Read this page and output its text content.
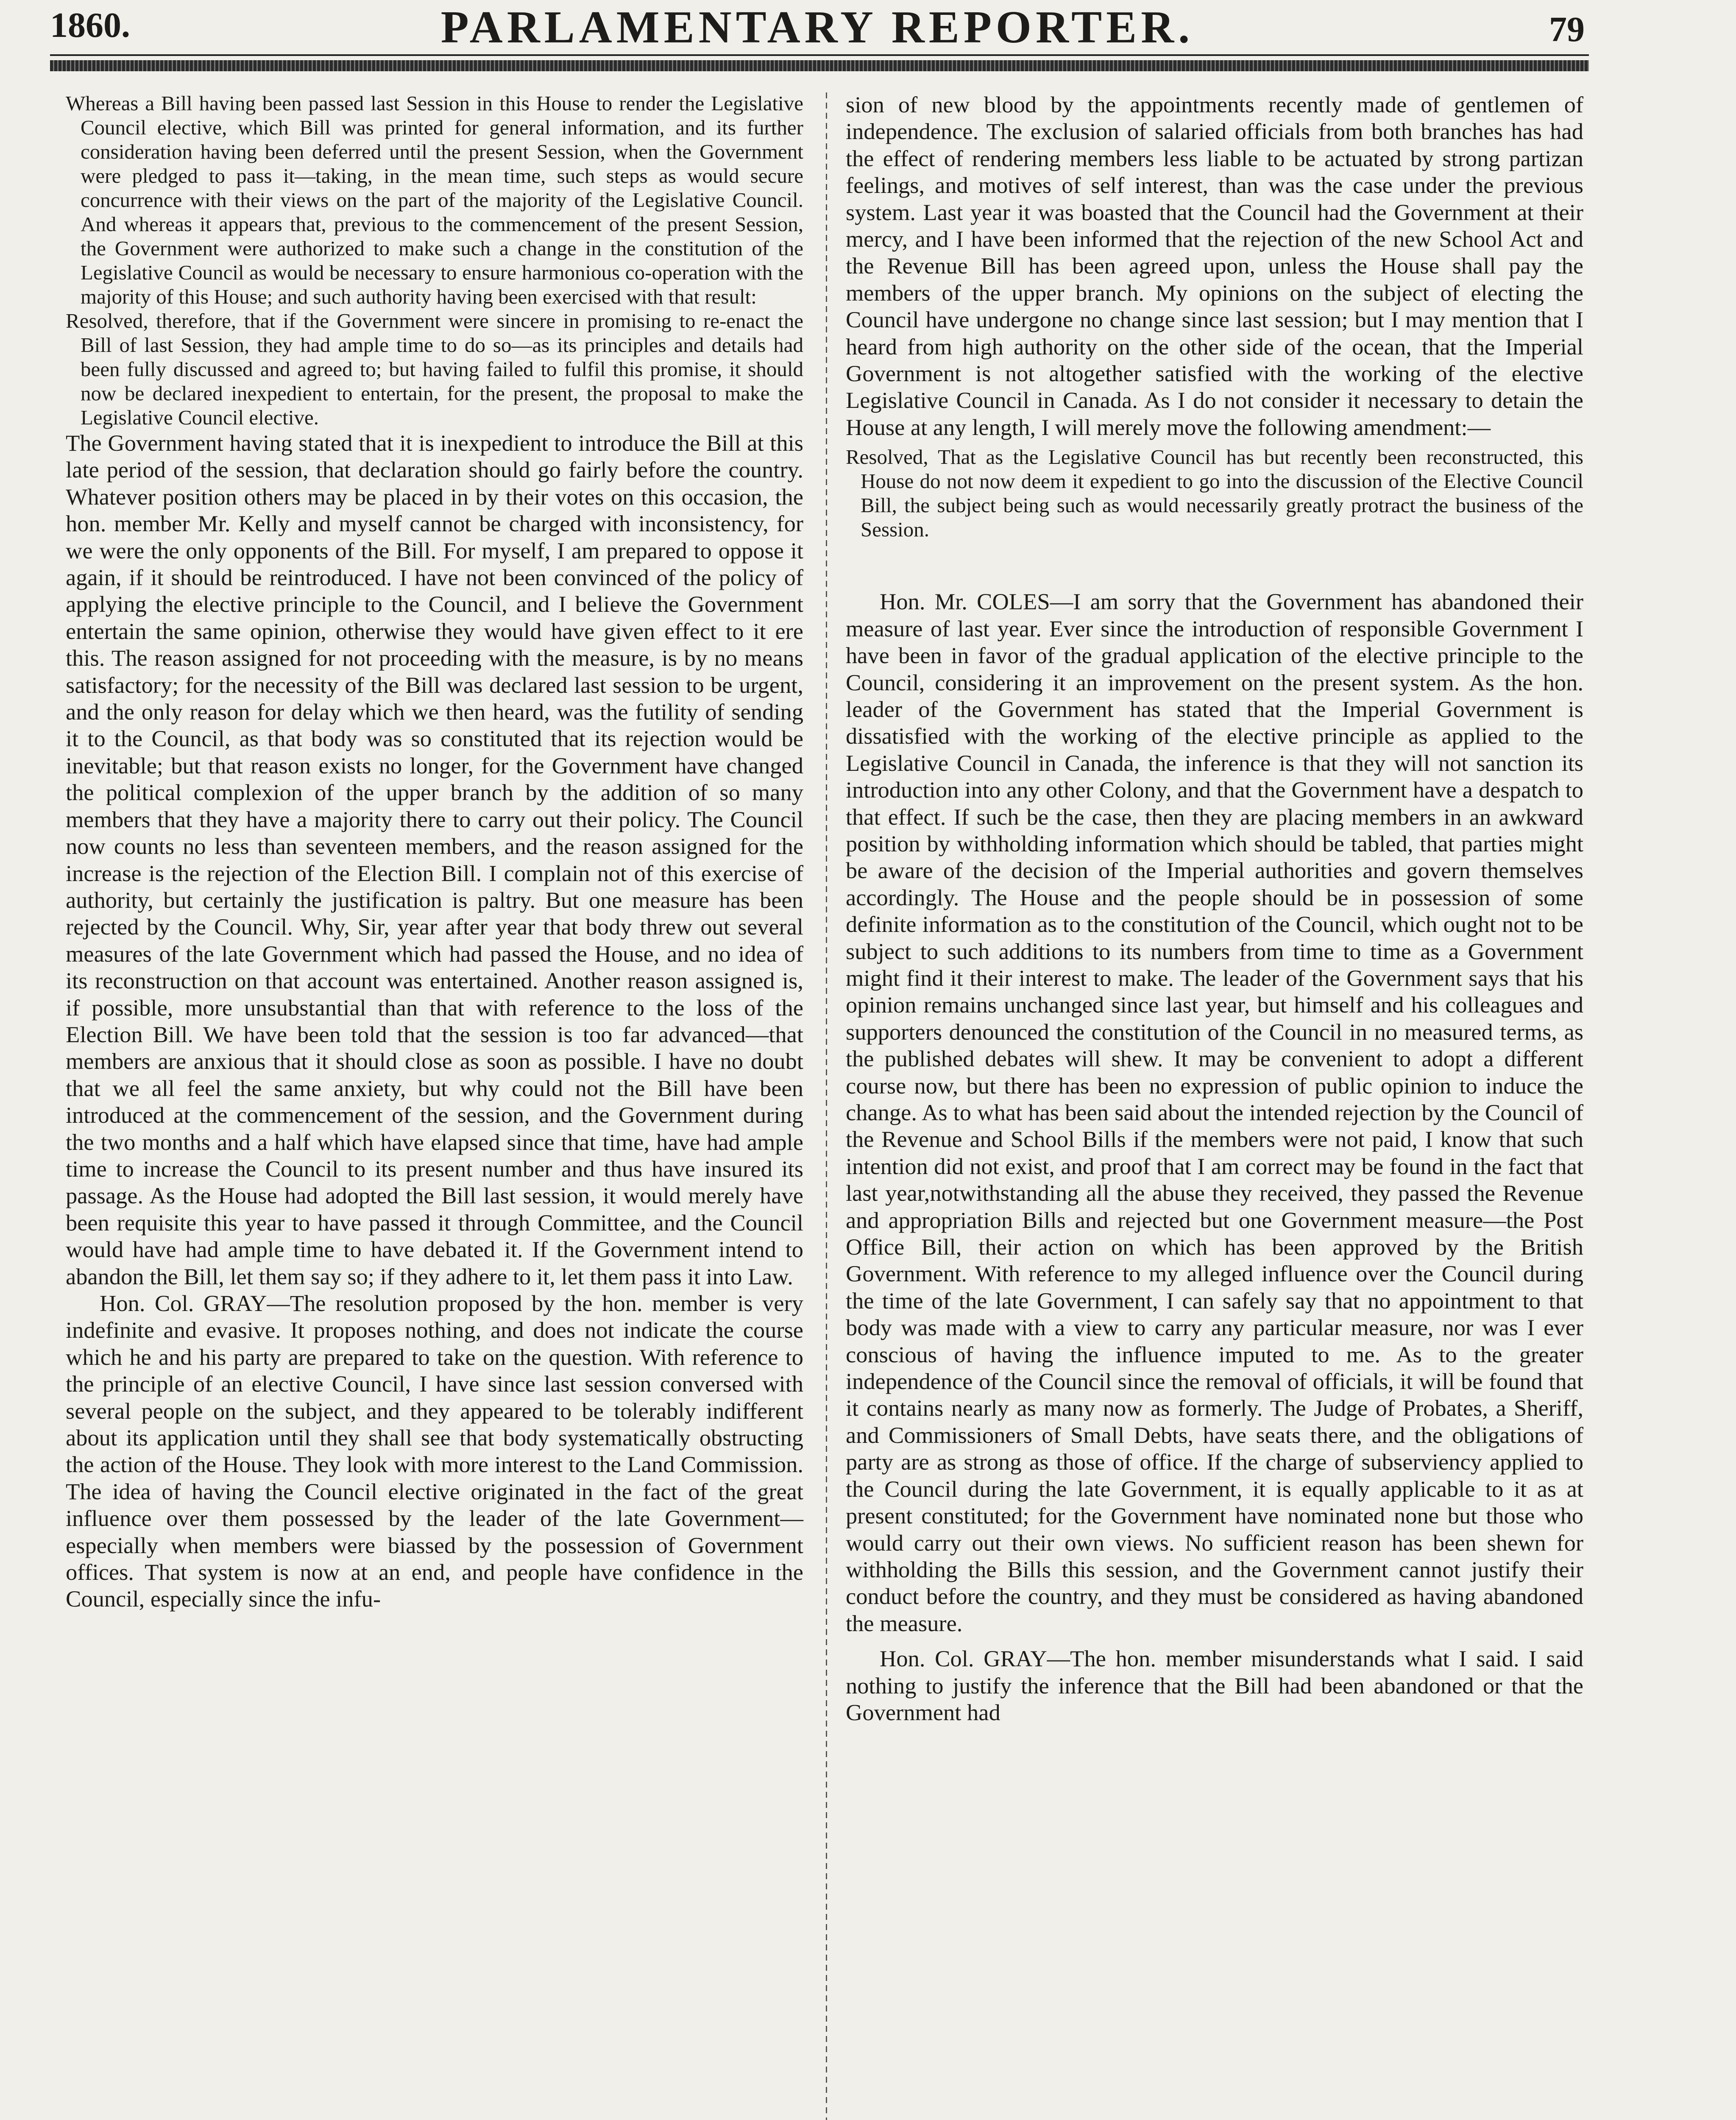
1860.	PARLAMENTARY REPORTER.	79

Whereas a Bill having been passed last Session in this House to render the Legislative Council elective, which Bill was printed for general information, and its further consideration having been deferred until the present Session, when the Government were pledged to pass it—taking, in the mean time, such steps as would secure concurrence with their views on the part of the majority of the Legislative Council. And whereas it appears that, previous to the commencement of the present Session, the Government were authorized to make such a change in the constitution of the Legislative Council as would be necessary to ensure harmonious co-operation with the majority of this House; and such authority having been exercised with that result:

Resolved, therefore, that if the Government were sincere in promising to re-enact the Bill of last Session, they had ample time to do so—as its principles and details had been fully discussed and agreed to; but having failed to fulfil this promise, it should now be declared inexpedient to entertain, for the present, the proposal to make the Legislative Council elective.

The Government having stated that it is inexpedient to introduce the Bill at this late period of the session, that declaration should go fairly before the country. Whatever position others may be placed in by their votes on this occasion, the hon. member Mr. Kelly and myself cannot be charged with inconsistency, for we were the only opponents of the Bill. For myself, I am prepared to oppose it again, if it should be reintroduced. I have not been convinced of the policy of applying the elective principle to the Council, and I believe the Government entertain the same opinion, otherwise they would have given effect to it ere this. The reason assigned for not proceeding with the measure, is by no means satisfactory; for the necessity of the Bill was declared last session to be urgent, and the only reason for delay which we then heard, was the futility of sending it to the Council, as that body was so constituted that its rejection would be inevitable; but that reason exists no longer, for the Government have changed the political complexion of the upper branch by the addition of so many members that they have a majority there to carry out their policy. The Council now counts no less than seventeen members, and the reason assigned for the increase is the rejection of the Election Bill. I complain not of this exercise of authority, but certainly the justification is paltry. But one measure has been rejected by the Council. Why, Sir, year after year that body threw out several measures of the late Government which had passed the House, and no idea of its reconstruction on that account was entertained. Another reason assigned is, if possible, more unsubstantial than that with reference to the loss of the Election Bill. We have been told that the session is too far advanced—that members are anxious that it should close as soon as possible. I have no doubt that we all feel the same anxiety, but why could not the Bill have been introduced at the commencement of the session, and the Government during the two months and a half which have elapsed since that time, have had ample time to increase the Council to its present number and thus have insured its passage. As the House had adopted the Bill last session, it would merely have been requisite this year to have passed it through Committee, and the Council would have had ample time to have debated it. If the Government intend to abandon the Bill, let them say so; if they adhere to it, let them pass it into Law.

Hon. Col. GRAY—The resolution proposed by the hon. member is very indefinite and evasive. It proposes nothing, and does not indicate the course which he and his party are prepared to take on the question. With reference to the principle of an elective Council, I have since last session conversed with several people on the subject, and they appeared to be tolerably indifferent about its application until they shall see that body systematically obstructing the action of the House. They look with more interest to the Land Commission. The idea of having the Council elective originated in the fact of the great influence over them possessed by the leader of the late Government—especially when members were biassed by the possession of Government offices. That system is now at an end, and people have confidence in the Council, especially since the infu-

sion of new blood by the appointments recently made of gentlemen of independence. The exclusion of salaried officials from both branches has had the effect of rendering members less liable to be actuated by strong partizan feelings, and motives of self interest, than was the case under the previous system. Last year it was boasted that the Council had the Government at their mercy, and I have been informed that the rejection of the new School Act and the Revenue Bill has been agreed upon, unless the House shall pay the members of the upper branch. My opinions on the subject of electing the Council have undergone no change since last session; but I may mention that I heard from high authority on the other side of the ocean, that the Imperial Government is not altogether satisfied with the working of the elective Legislative Council in Canada. As I do not consider it necessary to detain the House at any length, I will merely move the following amendment:—

Resolved, That as the Legislative Council has but recently been reconstructed, this House do not now deem it expedient to go into the discussion of the Elective Council Bill, the subject being such as would necessarily greatly protract the business of the Session.

Hon. Mr. COLES—I am sorry that the Government has abandoned their measure of last year. Ever since the introduction of responsible Government I have been in favor of the gradual application of the elective principle to the Council, considering it an improvement on the present system. As the hon. leader of the Government has stated that the Imperial Government is dissatisfied with the working of the elective principle as applied to the Legislative Council in Canada, the inference is that they will not sanction its introduction into any other Colony, and that the Government have a despatch to that effect. If such be the case, then they are placing members in an awkward position by withholding information which should be tabled, that parties might be aware of the decision of the Imperial authorities and govern themselves accordingly. The House and the people should be in possession of some definite information as to the constitution of the Council, which ought not to be subject to such additions to its numbers from time to time as a Government might find it their interest to make. The leader of the Government says that his opinion remains unchanged since last year, but himself and his colleagues and supporters denounced the constitution of the Council in no measured terms, as the published debates will shew. It may be convenient to adopt a different course now, but there has been no expression of public opinion to induce the change. As to what has been said about the intended rejection by the Council of the Revenue and School Bills if the members were not paid, I know that such intention did not exist, and proof that I am correct may be found in the fact that last year,notwithstanding all the abuse they received, they passed the Revenue and appropriation Bills and rejected but one Government measure—the Post Office Bill, their action on which has been approved by the British Government. With reference to my alleged influence over the Council during the time of the late Government, I can safely say that no appointment to that body was made with a view to carry any particular measure, nor was I ever conscious of having the influence imputed to me. As to the greater independence of the Council since the removal of officials, it will be found that it contains nearly as many now as formerly. The Judge of Probates, a Sheriff, and Commissioners of Small Debts, have seats there, and the obligations of party are as strong as those of office. If the charge of subserviency applied to the Council during the late Government, it is equally applicable to it as at present constituted; for the Government have nominated none but those who would carry out their own views. No sufficient reason has been shewn for withholding the Bills this session, and the Government cannot justify their conduct before the country, and they must be considered as having abandoned the measure.

Hon. Col. GRAY—The hon. member misunderstands what I said. I said nothing to justify the inference that the Bill had been abandoned or that the Government had
